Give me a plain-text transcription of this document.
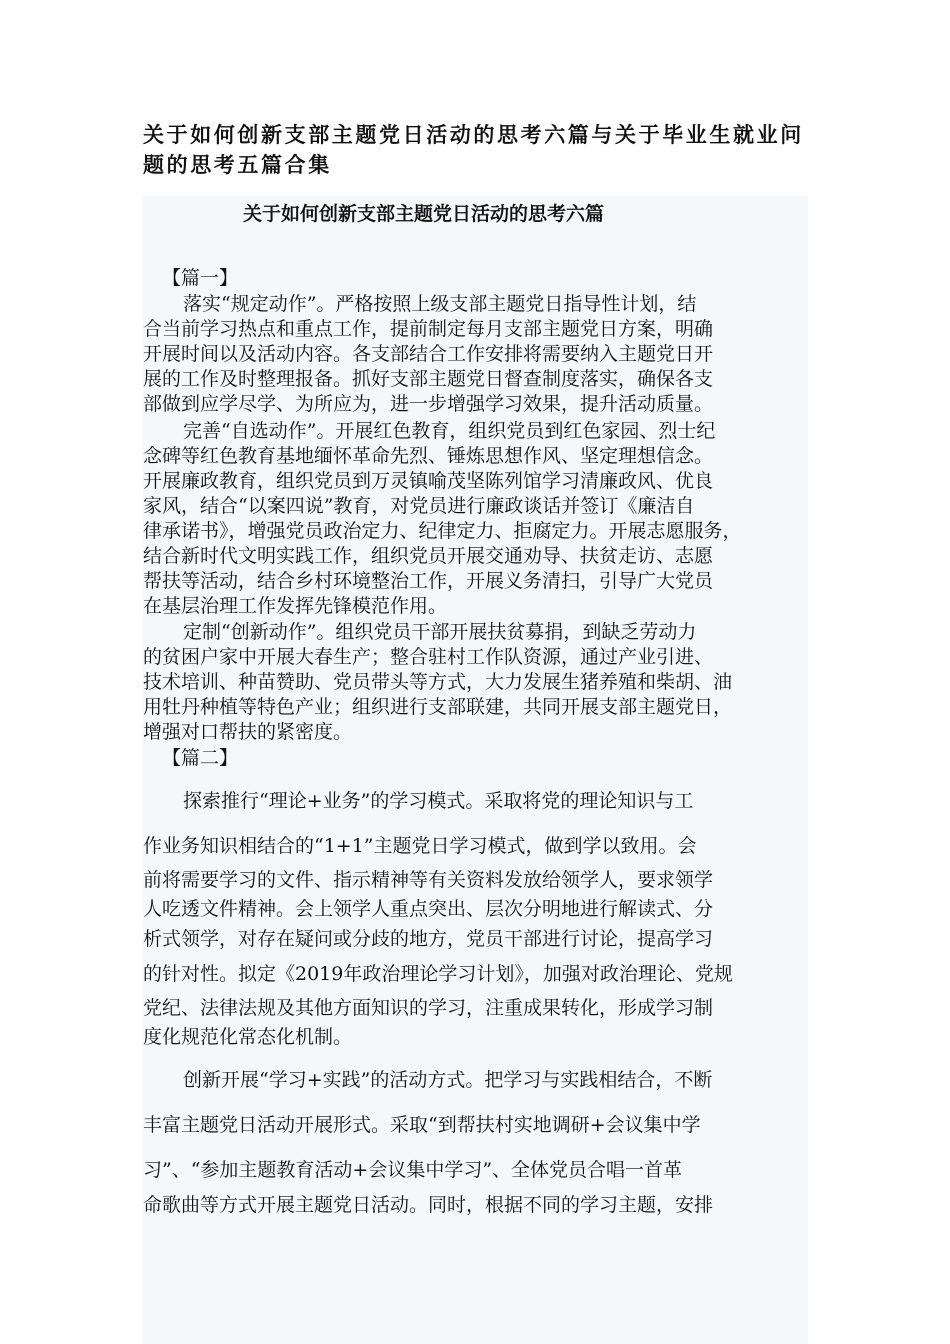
关于如何创新支部主题党日活动的思考六篇与关于毕业生就业问题的思考五篇合集
关于如何创新支部主题党日活动的思考六篇

【篇一】

落实“规定动作”。严格按照上级支部主题党日指导性计划，结

合当前学习热点和重点工作，提前制定每月支部主题党日方案，明确

开展时间以及活动内容。各支部结合工作安排将需要纳入主题党日开

展的工作及时整理报备。抓好支部主题党日督查制度落实，确保各支

部做到应学尽学、为所应为，进一步增强学习效果，提升活动质量。

完善“自选动作”。开展红色教育，组织党员到红色家园、烈士纪

念碑等红色教育基地缅怀革命先烈、锤炼思想作风、坚定理想信念。

开展廉政教育，组织党员到万灵镇喻茂坚陈列馆学习清廉政风、优良

家风，结合“以案四说”教育，对党员进行廉政谈话并签订《廉洁自

律承诺书》，增强党员政治定力、纪律定力、拒腐定力。开展志愿服务，

结合新时代文明实践工作，组织党员开展交通劝导、扶贫走访、志愿

帮扶等活动，结合乡村环境整治工作，开展义务清扫，引导广大党员

在基层治理工作发挥先锋模范作用。

定制“创新动作”。组织党员干部开展扶贫募捐，到缺乏劳动力

的贫困户家中开展大春生产；整合驻村工作队资源，通过产业引进、

技术培训、种苗赞助、党员带头等方式，大力发展生猪养殖和柴胡、油

用牡丹种植等特色产业；组织进行支部联建，共同开展支部主题党日，

增强对口帮扶的紧密度。

【篇二】

探索推行“理论+业务”的学习模式。采取将党的理论知识与工

作业务知识相结合的“1+1”主题党日学习模式，做到学以致用。会

前将需要学习的文件、指示精神等有关资料发放给领学人，要求领学

人吃透文件精神。会上领学人重点突出、层次分明地进行解读式、分

析式领学，对存在疑问或分歧的地方，党员干部进行讨论，提高学习

的针对性。拟定《2019年政治理论学习计划》，加强对政治理论、党规

党纪、法律法规及其他方面知识的学习，注重成果转化，形成学习制

度化规范化常态化机制。

创新开展“学习+实践”的活动方式。把学习与实践相结合，不断

丰富主题党日活动开展形式。采取“到帮扶村实地调研+会议集中学

习”、“参加主题教育活动+会议集中学习”、全体党员合唱一首革

命歌曲等方式开展主题党日活动。同时，根据不同的学习主题，安排
